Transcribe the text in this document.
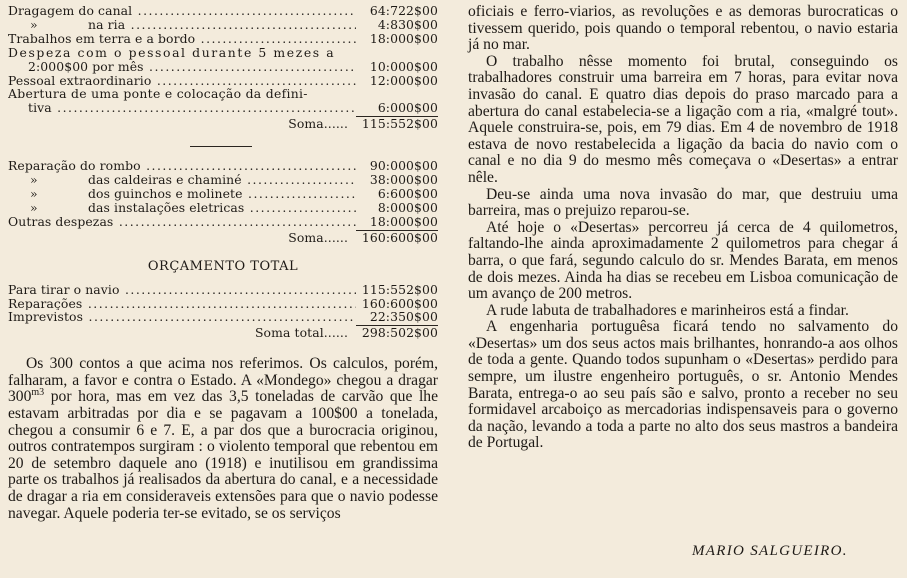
Dragagem do canal .....	64:722$00
»	na ria .....	4:830$00
Trabalhos em terra e a bordo .....	18:000$00
Despeza com o pessoal durante 5 mezes a
2:000$00 por mês .....	10:000$00
Pessoal extraordinario .....	12:000$00
Abertura de uma ponte e colocação da defini-
tiva .....	6:000$00
Soma......	115:552$00
Reparação do rombo .....	90:000$00
»	das caldeiras e chaminé .....	38:000$00
»	dos guinchos e molinete .....	6:600$00
»	das instalações eletricas .....	8:000$00
Outras despezas .....	18:000$00
Soma......	160:600$00
ORÇAMENTO TOTAL
Para tirar o navio .....	115:552$00
Reparações .....	160:600$00
Imprevistos .....	22:350$00
Soma total......	298:502$00

Os 300 contos a que acima nos referimos. Os calculos, porém, falharam, a favor e contra o Estado. A «Mondego» chegou a dragar $300^{m3}$ por hora, mas em vez das 3,5 toneladas de carvão que lhe estavam arbitradas por dia e se pagavam a 100$00 a tonelada, chegou a consumir 6 e 7. E, a par dos que a burocracia originou, outros contratempos surgiram : o violento temporal que rebentou em 20 de setembro daquele ano (1918) e inutilisou em grandissima parte os trabalhos já realisados da abertura do canal, e a necessidade de dragar a ria em consideraveis extensões para que o navio podesse navegar. Aquele poderia ter-se evitado, se os serviços

oficiais e ferro-viarios, as revoluções e as demoras burocraticas o tivessem querido, pois quando o temporal rebentou, o navio estaria já no mar.

O trabalho nêsse momento foi brutal, conseguindo os trabalhadores construir uma barreira em 7 horas, para evitar nova invasão do canal. E quatro dias depois do praso marcado para a abertura do canal estabelecia-se a ligação com a ria, «malgré tout». Aquele construira-se, pois, em 79 dias. Em 4 de novembro de 1918 estava de novo restabelecida a ligação da bacia do navio com o canal e no dia 9 do mesmo mês começava o «Desertas» a entrar nêle.

Deu-se ainda uma nova invasão do mar, que destruiu uma barreira, mas o prejuizo reparou-se.

Até hoje o «Desertas» percorreu já cerca de 4 quilometros, faltando-lhe ainda aproximadamente 2 quilometros para chegar á barra, o que fará, segundo calculo do sr. Mendes Barata, em menos de dois mezes. Ainda ha dias se recebeu em Lisboa comunicação de um avanço de 200 metros.

A rude labuta de trabalhadores e marinheiros está a findar.

A engenharia portuguêsa ficará tendo no salvamento do «Desertas» um dos seus actos mais brilhantes, honrando-a aos olhos de toda a gente. Quando todos supunham o «Desertas» perdido para sempre, um ilustre engenheiro português, o sr. Antonio Mendes Barata, entrega-o ao seu país são e salvo, pronto a receber no seu formidavel arcaboiço as mercadorias indispensaveis para o governo da nação, levando a toda a parte no alto dos seus mastros a bandeira de Portugal.

MARIO SALGUEIRO.
